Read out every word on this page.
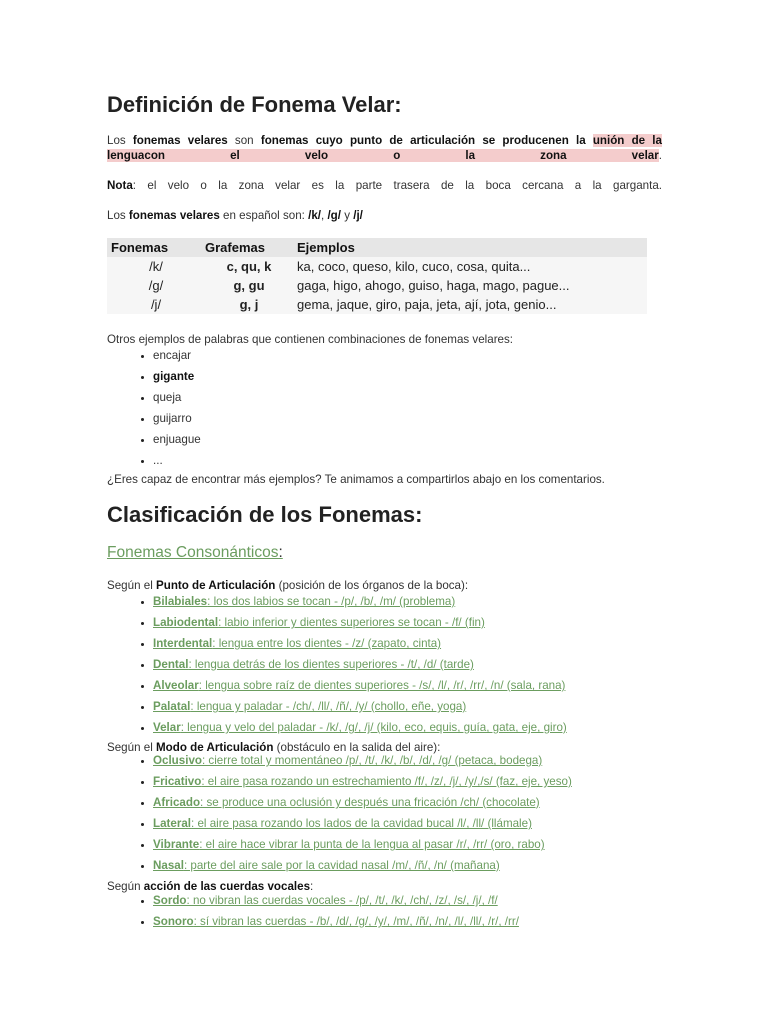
Definición de Fonema Velar:
Los fonemas velares son fonemas cuyo punto de articulación se producenen la unión de la lenguacon el velo o la zona velar.
Nota: el velo o la zona velar es la parte trasera de la boca cercana a la garganta.
Los fonemas velares en español son: /k/, /g/ y /j/
Fonemas	Grafemas	Ejemplos
/k/	c, qu, k	ka, coco, queso, kilo, cuco, cosa, quita...
/g/	g, gu	gaga, higo, ahogo, guiso, haga, mago, pague...
/j/	g, j	gema, jaque, giro, paja, jeta, ají, jota, genio...
Otros ejemplos de palabras que contienen combinaciones de fonemas velares:
• encajar
• gigante
• queja
• guijarro
• enjuague
• ...
¿Eres capaz de encontrar más ejemplos? Te animamos a compartirlos abajo en los comentarios.
Clasificación de los Fonemas:
Fonemas Consonánticos:
Según el Punto de Articulación (posición de los órganos de la boca):
• Bilabiales: los dos labios se tocan - /p/, /b/, /m/ (problema)
• Labiodental: labio inferior y dientes superiores se tocan - /f/ (fin)
• Interdental: lengua entre los dientes - /z/ (zapato, cinta)
• Dental: lengua detrás de los dientes superiores - /t/, /d/ (tarde)
• Alveolar: lengua sobre raíz de dientes superiores - /s/, /l/, /r/, /rr/, /n/ (sala, rana)
• Palatal: lengua y paladar - /ch/, /ll/, /ñ/, /y/ (chollo, eñe, yoga)
• Velar: lengua y velo del paladar - /k/, /g/, /j/ (kilo, eco, equis, guía, gata, eje, giro)
Según el Modo de Articulación (obstáculo en la salida del aire):
• Oclusivo: cierre total y momentáneo /p/, /t/, /k/, /b/, /d/, /g/ (petaca, bodega)
• Fricativo: el aire pasa rozando un estrechamiento /f/, /z/, /j/, /y/,/s/ (faz, eje, yeso)
• Africado: se produce una oclusión y después una fricación /ch/ (chocolate)
• Lateral: el aire pasa rozando los lados de la cavidad bucal /l/, /ll/ (llámale)
• Vibrante: el aire hace vibrar la punta de la lengua al pasar /r/, /rr/ (oro, rabo)
• Nasal: parte del aire sale por la cavidad nasal /m/, /ñ/, /n/ (mañana)
Según acción de las cuerdas vocales:
• Sordo: no vibran las cuerdas vocales - /p/, /t/, /k/, /ch/, /z/, /s/, /j/, /f/
• Sonoro: sí vibran las cuerdas - /b/, /d/, /g/, /y/, /m/, /ñ/, /n/, /l/, /ll/, /r/, /rr/
